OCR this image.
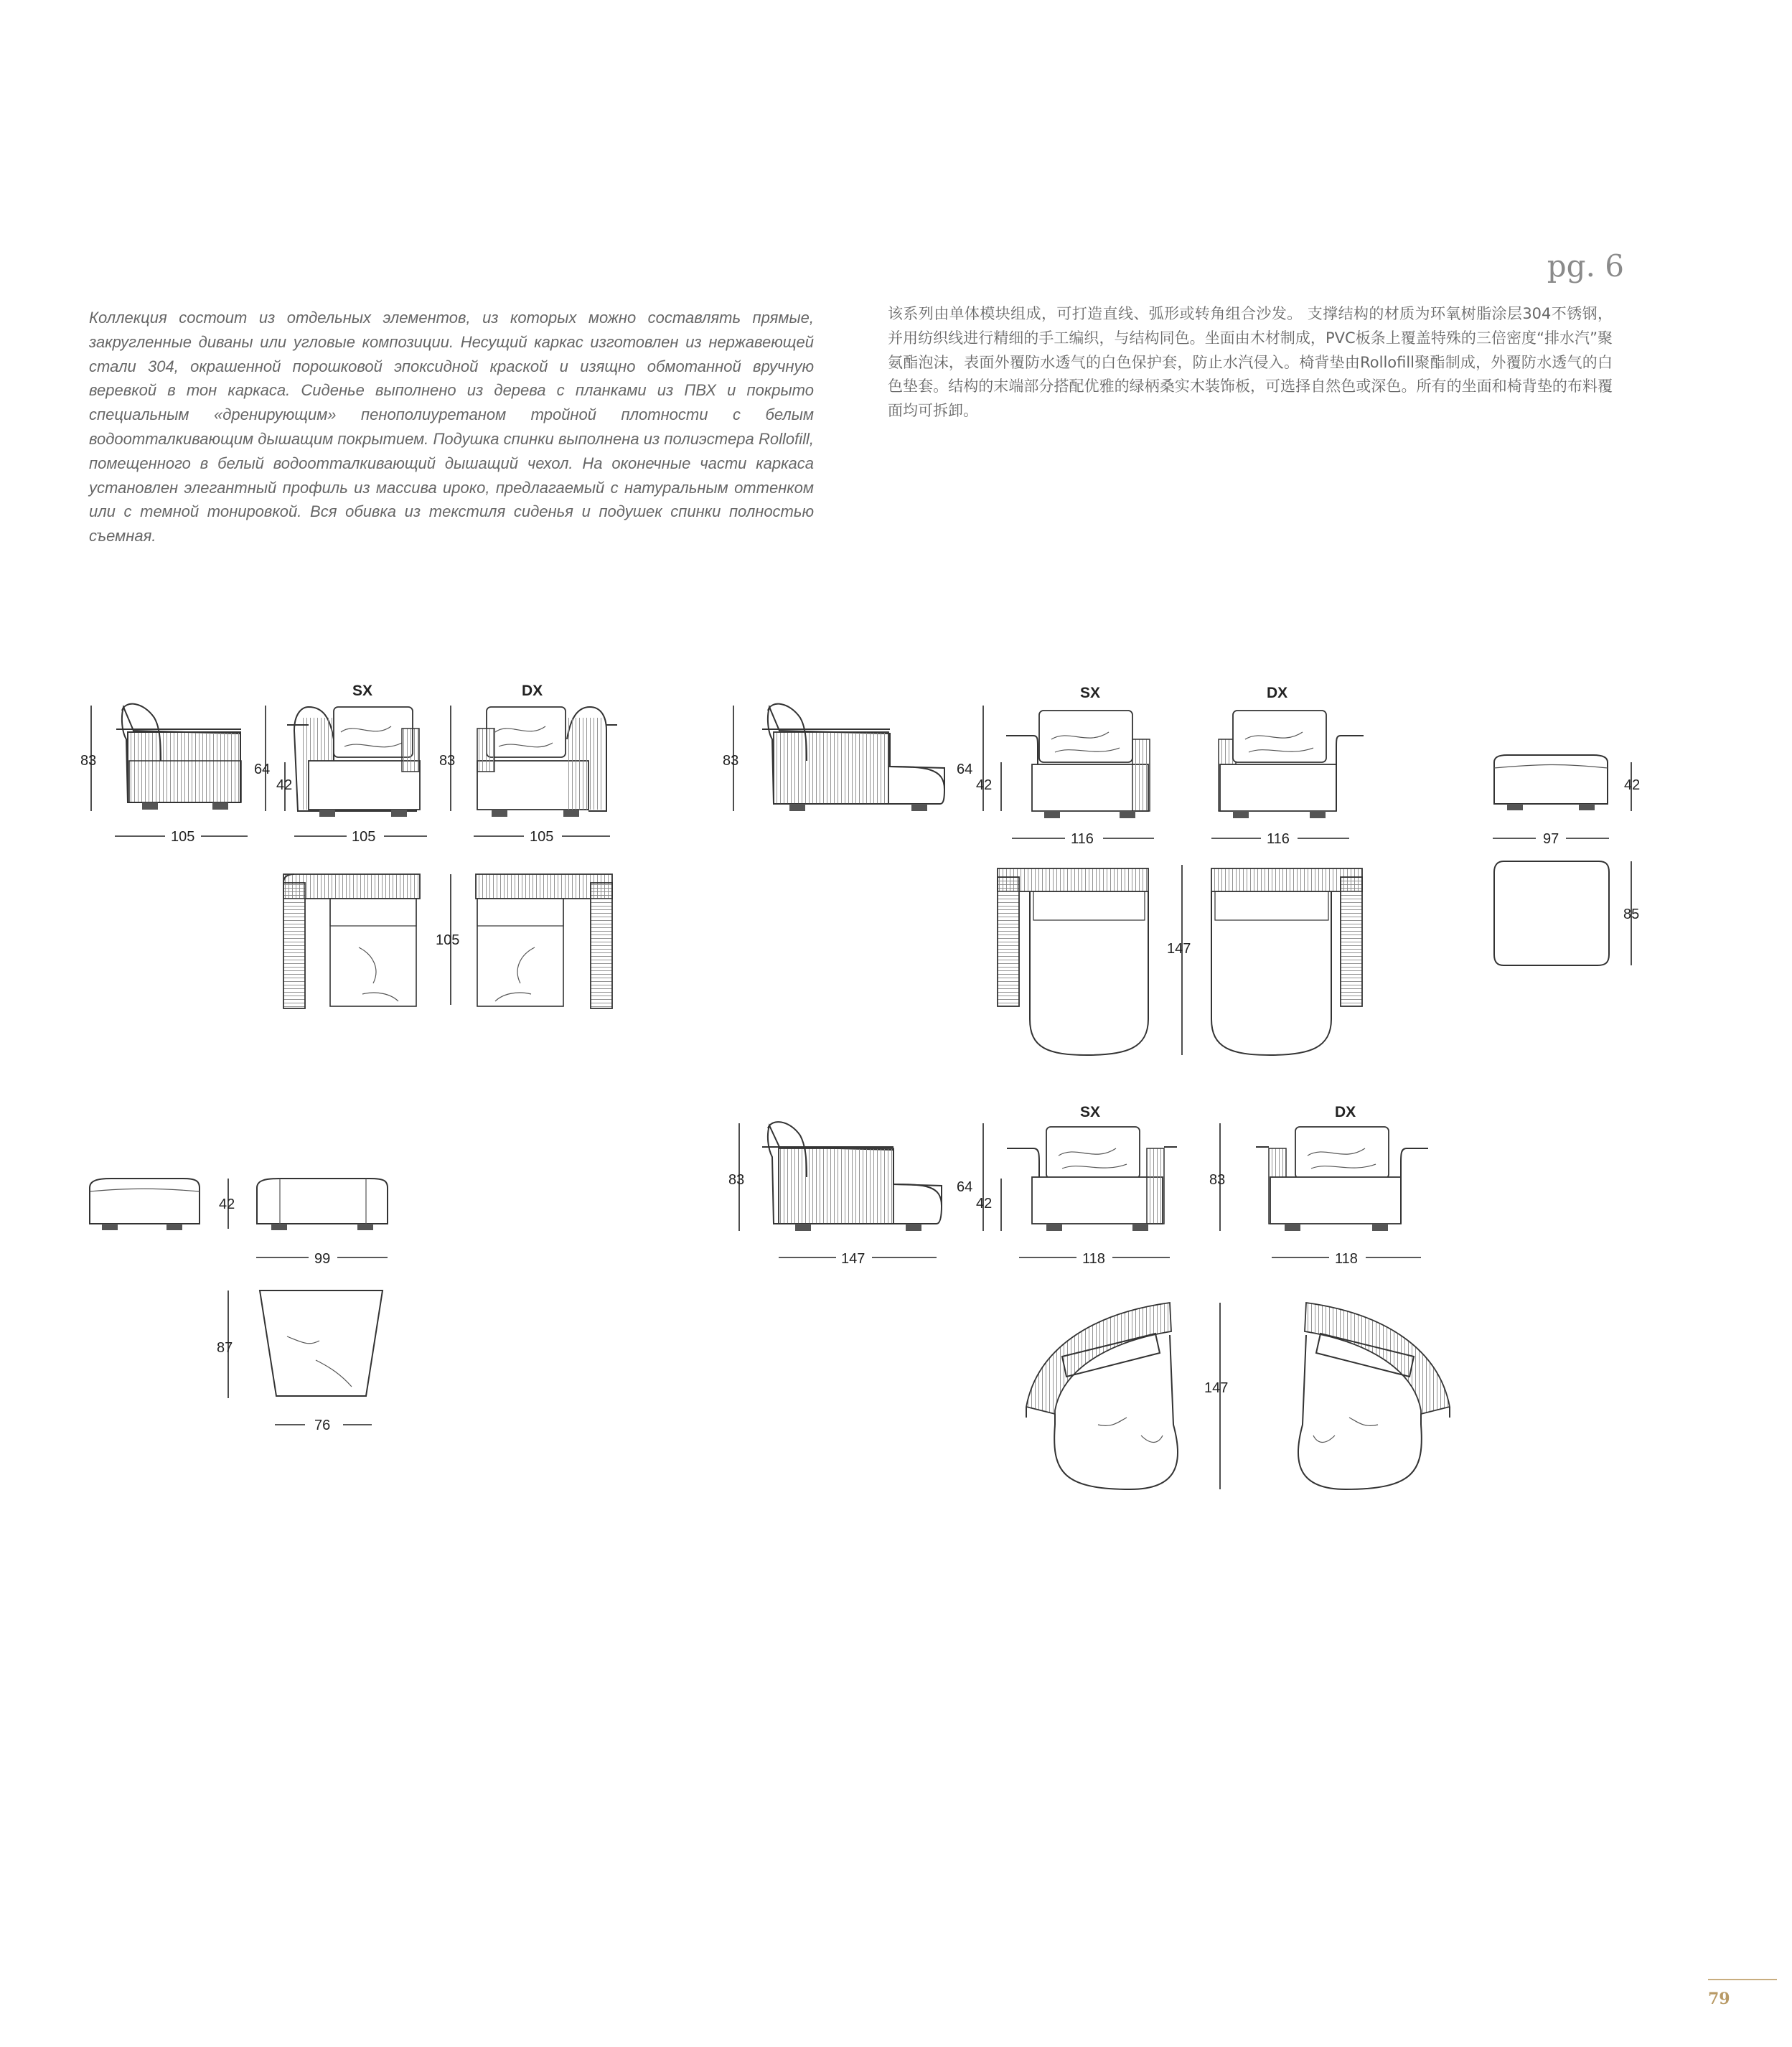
pg. 6

Коллекция состоит из отдельных элементов, из которых можно составлять прямые, закругленные диваны или угловые композиции. Несущий каркас изготовлен из нержавеющей стали 304, окрашенной порошковой эпоксидной краской и изящно обмотанной вручную веревкой в тон каркаса. Сиденье выполнено из дерева с планками из ПВХ и покрыто специальным «дренирующим» пенополиуретаном тройной плотности с белым водоотталкивающим дышащим покрытием. Подушка спинки выполнена из полиэстера Rollofill, помещенного в белый водоотталкивающий дышащий чехол. На оконечные части каркаса установлен элегантный профиль из массива ироко, предлагаемый с натуральным оттенком или с темной тонировкой. Вся обивка из текстиля сиденья и подушек спинки полностью съемная.

该系列由单体模块组成，可打造直线、弧形或转角组合沙发。 支撑结构的材质为环氧树脂涂层304不锈钢，并用纺织线进行精细的手工编织，与结构同色。坐面由木材制成，PVC板条上覆盖特殊的三倍密度“排水汽”聚氨酯泡沫，表面外覆防水透气的白色保护套，防止水汽侵入。椅背垫由Rollofill聚酯制成，外覆防水透气的白色垫套。结构的末端部分搭配优雅的绿柄桑实木装饰板，可选择自然色或深色。所有的坐面和椅背垫的布料覆面均可拆卸。

83
105
SX
64
42
105
DX
83
105
105
83
SX
64
42
116
DX
116
147
42
97
85
42
99
87
76
83
147
SX
64
42
118
DX
83
118
147
79
